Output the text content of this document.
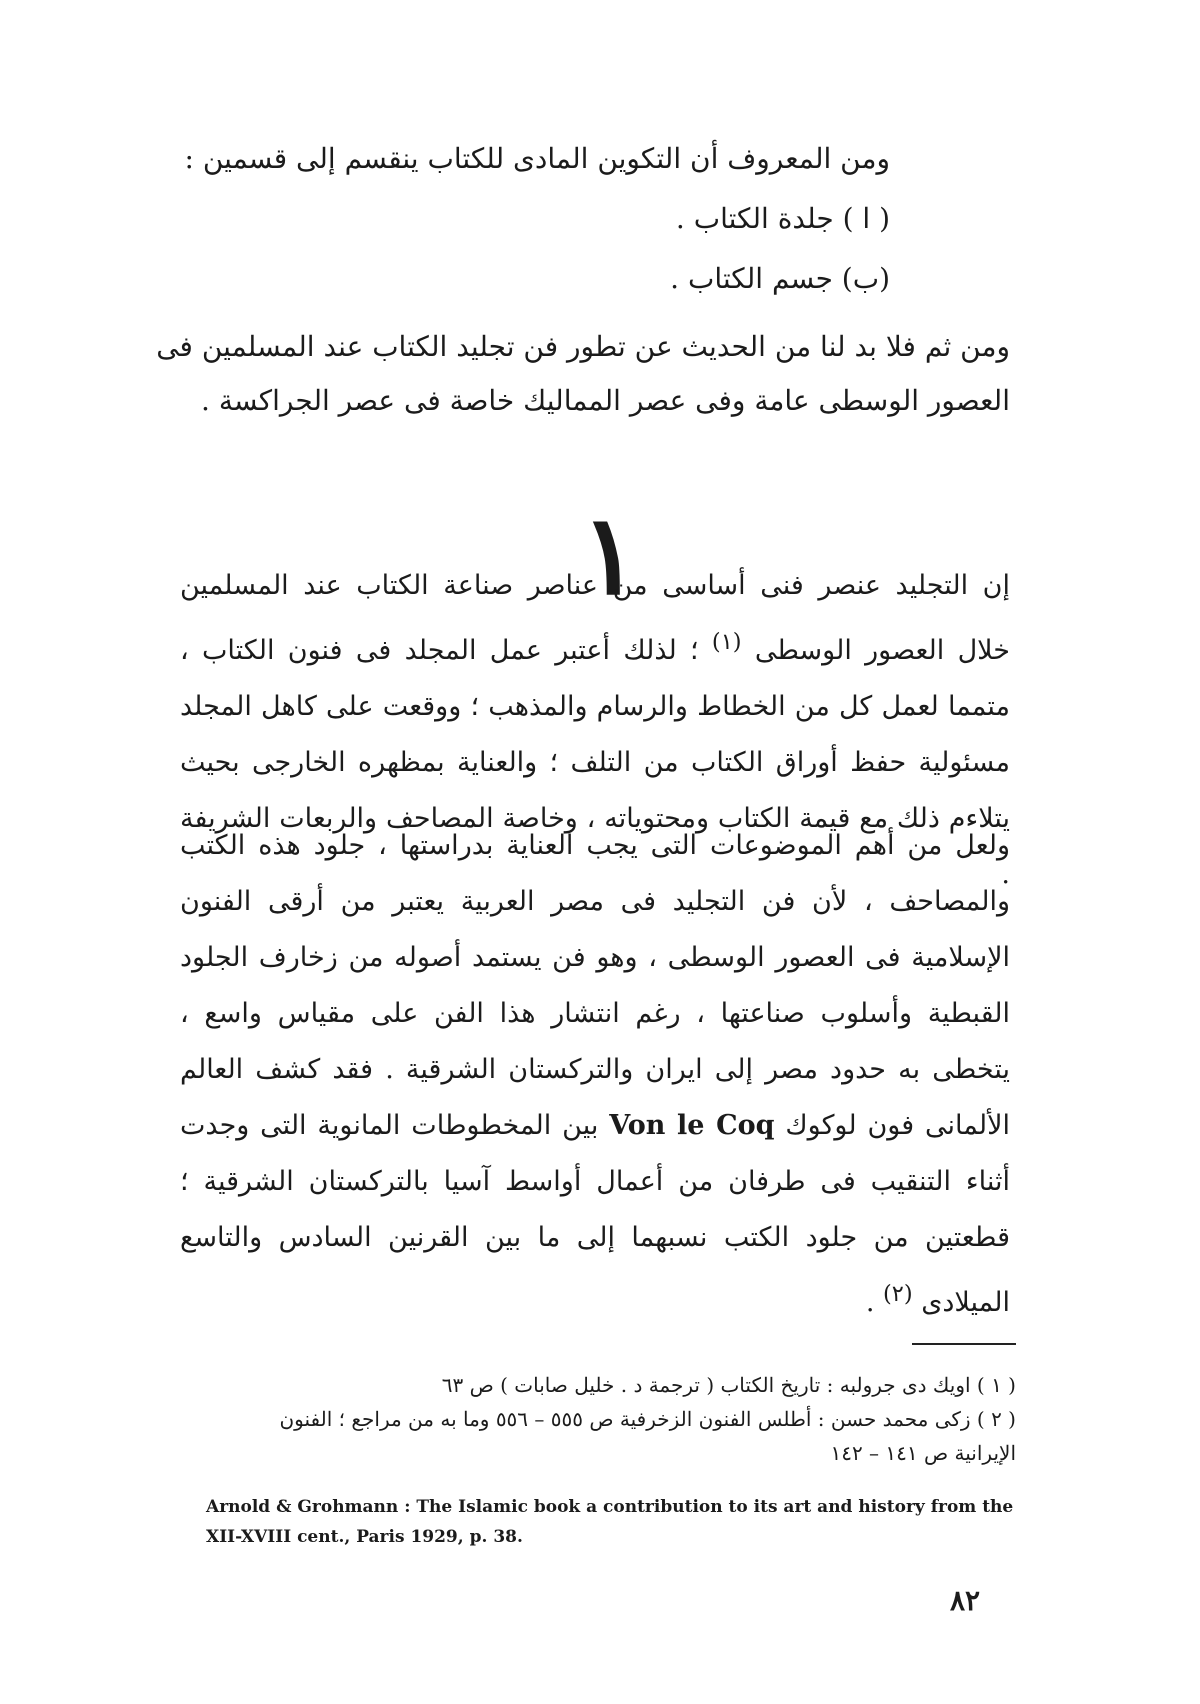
ومن المعروف أن التكوين المادى للكتاب ينقسم إلى قسمين :
( ا ) جلدة الكتاب .
(ب) جسم الكتاب .
ومن ثم فلا بد لنا من الحديث عن تطور فن تجليد الكتاب عند المسلمين فى
العصور الوسطى عامة وفى عصر المماليك خاصة فى عصر الجراكسة .
١

إن التجليد عنصر فنى أساسى من عناصر صناعة الكتاب عند المسلمين خلال العصور الوسطى $^{(١)}$ ؛ لذلك أعتبر عمل المجلد فى فنون الكتاب ، متمما لعمل كل من الخطاط والرسام والمذهب ؛ ووقعت على كاهل المجلد مسئولية حفظ أوراق الكتاب من التلف ؛ والعناية بمظهره الخارجى بحيث يتلاءم ذلك مع قيمة الكتاب ومحتوياته ، وخاصة المصاحف والربعات الشريفة .

ولعل من أهم الموضوعات التى يجب العناية بدراستها ، جلود هذه الكتب والمصاحف ، لأن فن التجليد فى مصر العربية يعتبر من أرقى الفنون الإسلامية فى العصور الوسطى ، وهو فن يستمد أصوله من زخارف الجلود القبطية وأسلوب صناعتها ، رغم انتشار هذا الفن على مقياس واسع ، يتخطى به حدود مصر إلى ايران والتركستان الشرقية . فقد كشف العالم الألمانى فون لوكوك Von le Coq بين المخطوطات المانوية التى وجدت أثناء التنقيب فى طرفان من أعمال أواسط آسيا بالتركستان الشرقية ؛ قطعتين من جلود الكتب نسبهما إلى ما بين القرنين السادس والتاسع الميلادى $^{(٢)}$ .

( ١ ) اويك دى جرولبه : تاريخ الكتاب ( ترجمة د . خليل صابات ) ص ٦٣

( ٢ ) زكى محمد حسن : أطلس الفنون الزخرفية ص ٥٥٥ – ٥٥٦ وما به من مراجع ؛ الفنون

الإيرانية ص ١٤١ – ١٤٢

Arnold & Grohmann : The Islamic book a contribution to its art and history from the
XII-XVIII cent., Paris 1929, p. 38.
٨٢
